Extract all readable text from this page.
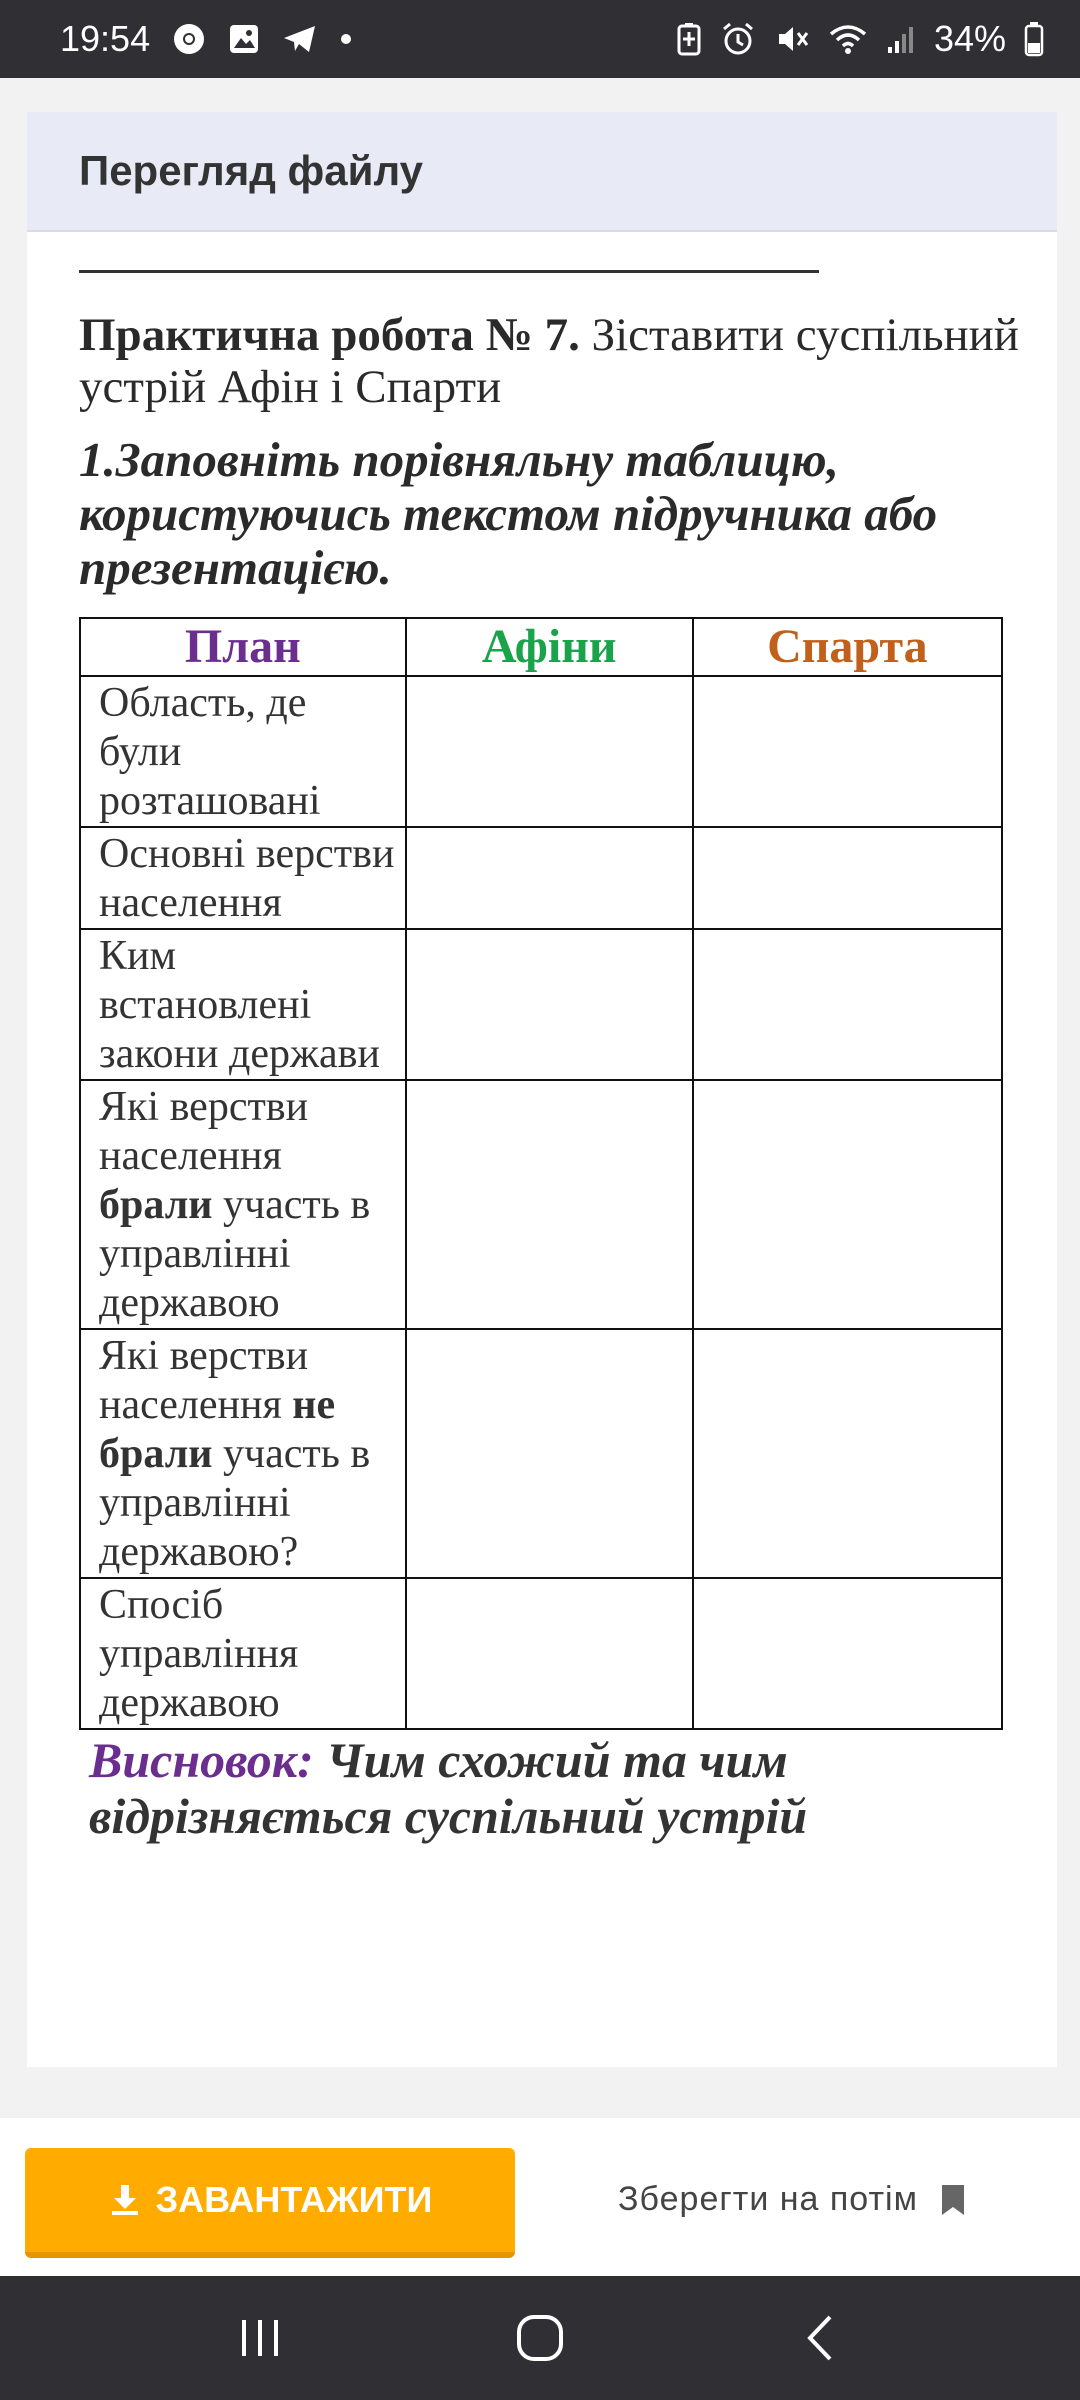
19:54	34%
Перегляд файлу
Практична робота № 7. Зіставити суспільний устрій Афін і Спарти
1.Заповніть порівняльну таблицю, користуючись текстом підручника або презентацією.
План	Афіни	Спарта
Область, де були розташовані		
Основні верстви населення		
Ким встановлені закони держави		
Які верстви населення брали участь в управлінні державою		
Які верстви населення не брали участь в управлінні державою?		
Спосіб управління державою		
Висновок: Чим схожий та чим відрізняється суспільний устрій
ЗАВАНТАЖИТИ	Зберегти на потім
